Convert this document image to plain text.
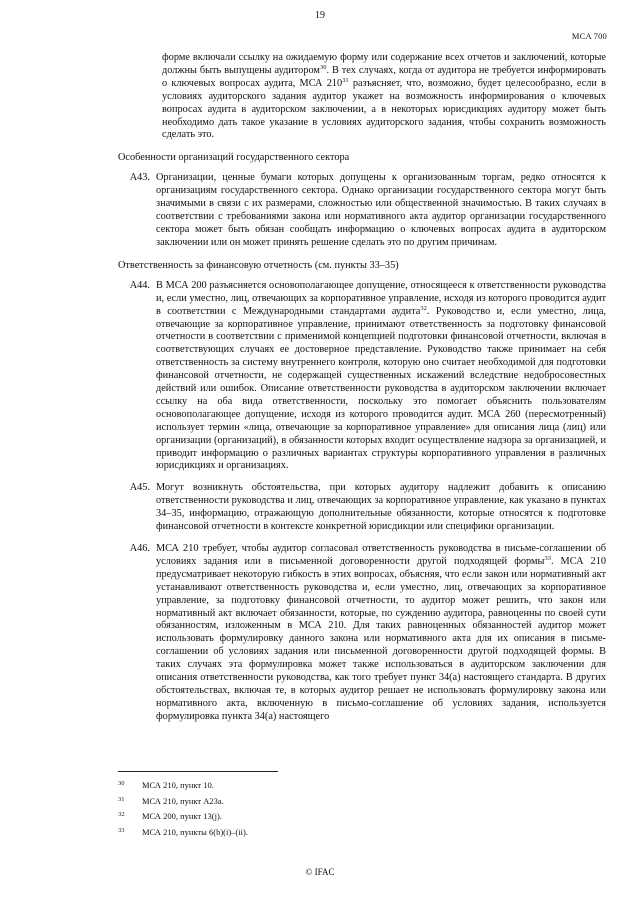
19
MCA 700

форме включали ссылку на ожидаемую форму или содержание всех отчетов и заключений, которые должны быть выпущены аудитором$^{30}$. В тех случаях, когда от аудитора не требуется информировать о ключевых вопросах аудита, МСА $210^{31}$ разъясняет, что, возможно, будет целесообразно, если в условиях аудиторского задания аудитор укажет на возможность информирования о ключевых вопросах аудита в аудиторском заключении, а в некоторых юрисдикциях аудитору может быть необходимо дать такое указание в условиях аудиторского задания, чтобы сохранить возможность сделать это.

Особенности организаций государственного сектора
A43. Организации, ценные бумаги которых допущены к организованным торгам, редко относятся к организациям государственного сектора. Однако организации государственного сектора могут быть значимыми в связи с их размерами, сложностью или общественной значимостью. В таких случаях в соответствии с требованиями закона или нормативного акта аудитор организации государственного сектора может быть обязан сообщать информацию о ключевых вопросах аудита в аудиторском заключении или он может принять решение сделать это по другим причинам.

Ответственность за финансовую отчетность (см. пункты 33–35)
A44. В МСА 200 разъясняется основополагающее допущение, относящееся к ответственности руководства и, если уместно, лиц, отвечающих за корпоративное управление, исходя из которого проводится аудит в соответствии с Международными стандартами аудита$^{32}$. Руководство и, если уместно, лица, отвечающие за корпоративное управление, принимают ответственность за подготовку финансовой отчетности в соответствии с применимой концепцией подготовки финансовой отчетности, включая в соответствующих случаях ее достоверное представление. Руководство также принимает на себя ответственность за систему внутреннего контроля, которую оно считает необходимой для подготовки финансовой отчетности, не содержащей существенных искажений вследствие недобросовестных действий или ошибок. Описание ответственности руководства в аудиторском заключении включает ссылку на оба вида ответственности, поскольку это помогает объяснить пользователям основополагающее допущение, исходя из которого проводится аудит. МСА 260 (пересмотренный) использует термин «лица, отвечающие за корпоративное управление» для описания лица (лиц) или организации (организаций), в обязанности которых входит осуществление надзора за организацией, и приводит информацию о различных вариантах структуры корпоративного управления в различных юрисдикциях и организациях.

A45. Могут возникнуть обстоятельства, при которых аудитору надлежит добавить к описанию ответственности руководства и лиц, отвечающих за корпоративное управление, как указано в пунктах 34–35, информацию, отражающую дополнительные обязанности, которые относятся к подготовке финансовой отчетности в контексте конкретной юрисдикции или специфики организации.

A46. МСА 210 требует, чтобы аудитор согласовал ответственность руководства в письме-соглашении об условиях задания или в письменной договоренности другой подходящей формы$^{33}$. МСА 210 предусматривает некоторую гибкость в этих вопросах, объясняя, что если закон или нормативный акт устанавливают ответственность руководства и, если уместно, лиц, отвечающих за корпоративное управление, за подготовку финансовой отчетности, то аудитор может решить, что закон или нормативный акт включает обязанности, которые, по суждению аудитора, равноценны по своей сути обязанностям, изложенным в МСА 210. Для таких равноценных обязанностей аудитор может использовать формулировку данного закона или нормативного акта для их описания в письме-соглашении об условиях задания или письменной договоренности другой подходящей формы. В таких случаях эта формулировка может также использоваться в аудиторском заключении для описания ответственности руководства, как того требует пункт 34(a) настоящего стандарта. В других обстоятельствах, включая те, в которых аудитор решает не использовать формулировку закона или нормативного акта, включенную в письмо-соглашение об условиях задания, используется формулировка пункта 34(a) настоящего

30	МСА 210, пункт 10.
31	МСА 210, пункт A23a.
32	МСА 200, пункт 13(j).
33	МСА 210, пункты 6(b)(i)–(ii).
© IFAC
